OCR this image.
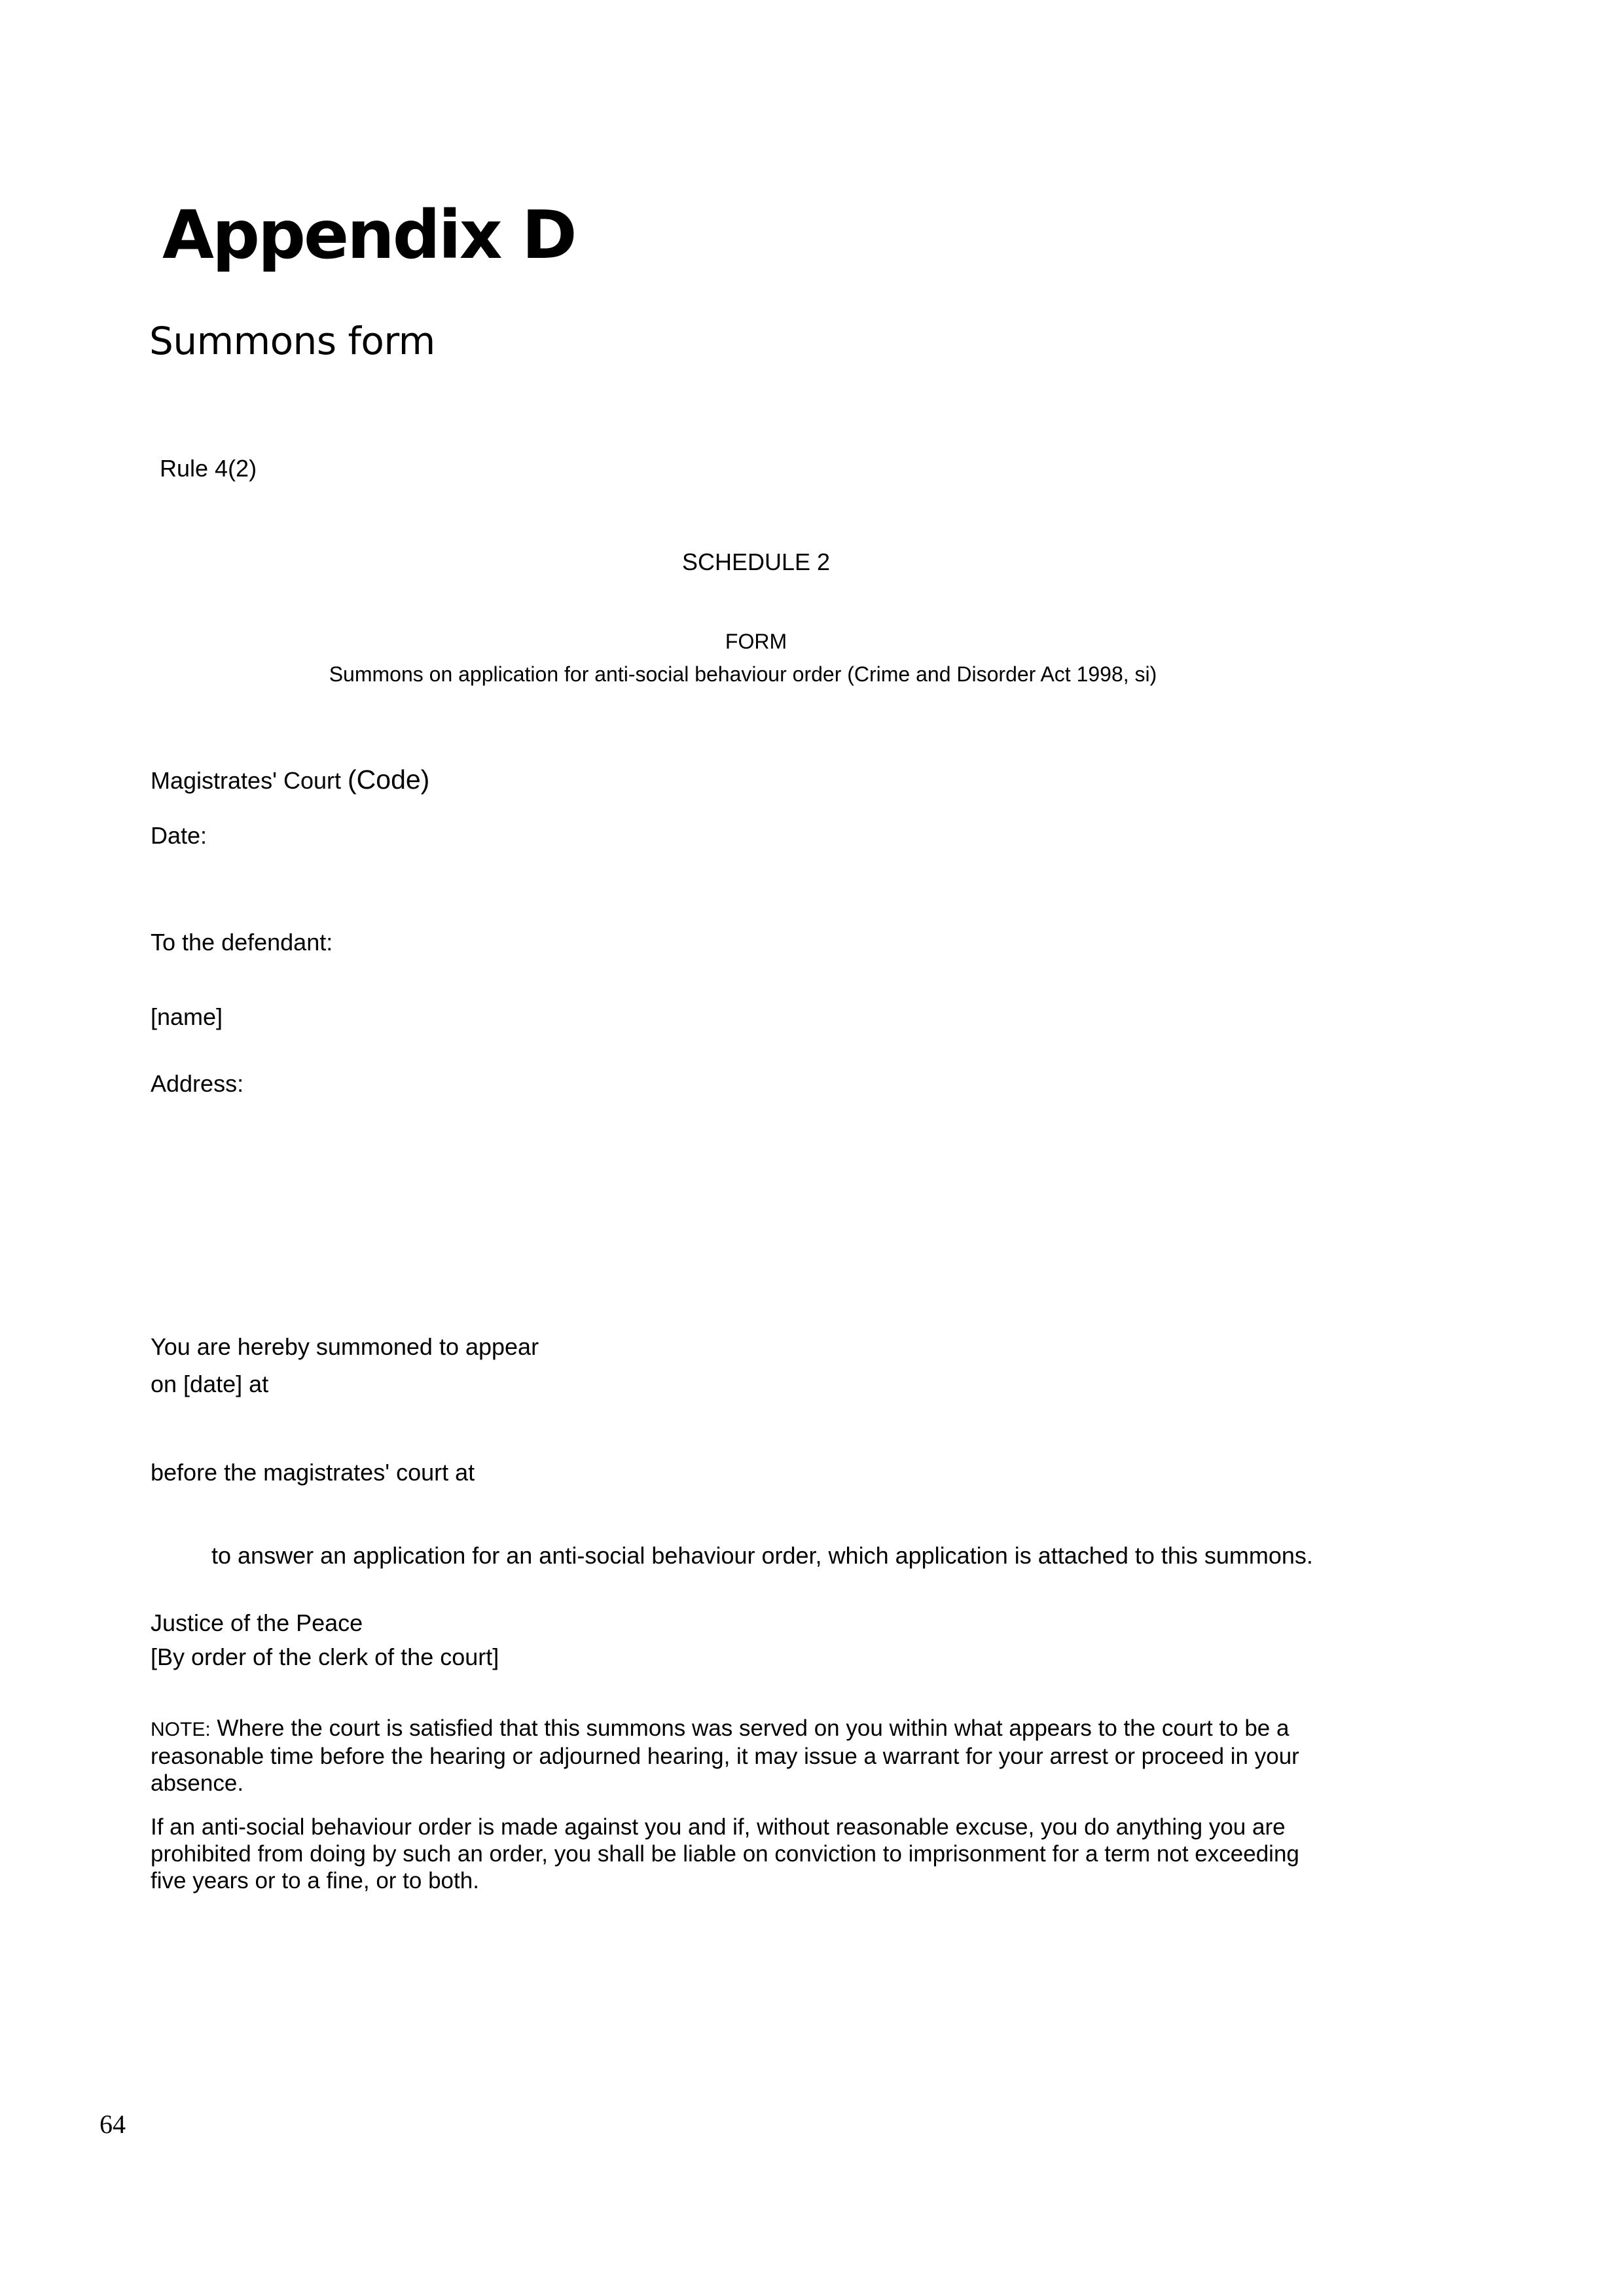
Appendix D
Summons form
Rule 4(2)
SCHEDULE 2
FORM
Summons on application for anti-social behaviour order (Crime and Disorder Act 1998, si)
Magistrates' Court (Code)
Date:
To the defendant:
[name]
Address:
You are hereby summoned to appear
on [date] at
before the magistrates' court at
to answer an application for an anti-social behaviour order, which application is attached to this summons.
Justice of the Peace
[By order of the clerk of the court]
NOTE: Where the court is satisfied that this summons was served on you within what appears to the court to be a reasonable time before the hearing or adjourned hearing, it may issue a warrant for your arrest or proceed in your absence.
If an anti-social behaviour order is made against you and if, without reasonable excuse, you do anything you are prohibited from doing by such an order, you shall be liable on conviction to imprisonment for a term not exceeding five years or to a fine, or to both.
64
